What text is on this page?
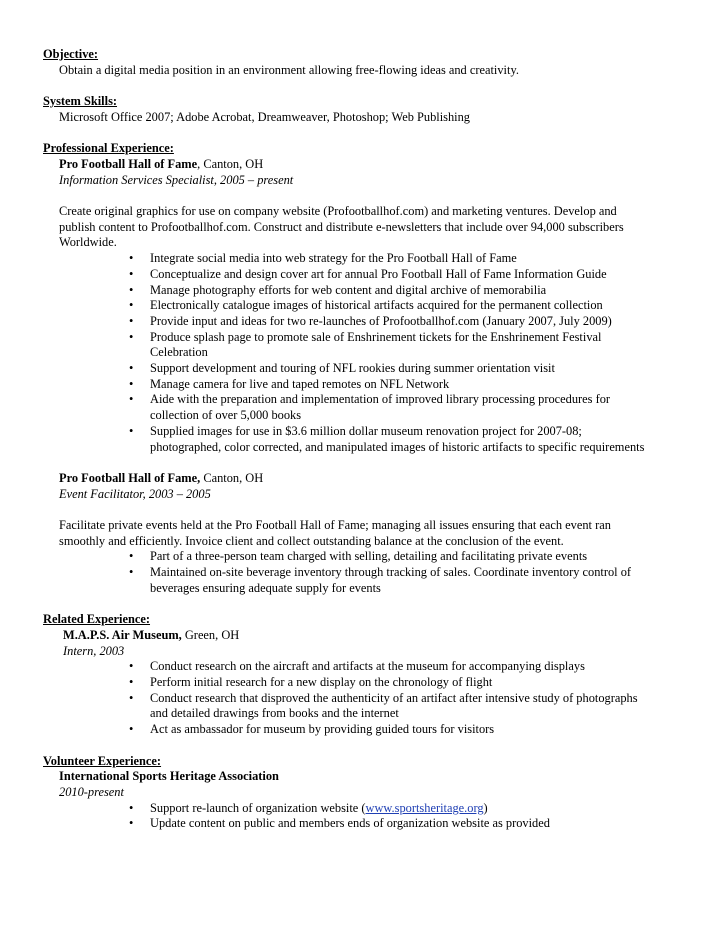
Objective:

Obtain a digital media position in an environment allowing free-flowing ideas and creativity.

System Skills:

Microsoft Office 2007; Adobe Acrobat, Dreamweaver, Photoshop; Web Publishing

Professional Experience:

Pro Football Hall of Fame, Canton, OH

Information Services Specialist, 2005 – present

Create original graphics for use on company website (Profootballhof.com) and marketing ventures. Develop and

publish content to Profootballhof.com. Construct and distribute e-newsletters that include over 94,000 subscribers

Worldwide.

• Integrate social media into web strategy for the Pro Football Hall of Fame
• Conceptualize and design cover art for annual Pro Football Hall of Fame Information Guide
• Manage photography efforts for web content and digital archive of memorabilia
• Electronically catalogue images of historical artifacts acquired for the permanent collection
• Provide input and ideas for two re-launches of Profootballhof.com (January 2007, July 2009)
• Produce splash page to promote sale of Enshrinement tickets for the Enshrinement Festival
Celebration
• Support development and touring of NFL rookies during summer orientation visit
• Manage camera for live and taped remotes on NFL Network
• Aide with the preparation and implementation of improved library processing procedures for
collection of over 5,000 books
• Supplied images for use in $3.6 million dollar museum renovation project for 2007-08;
photographed, color corrected, and manipulated images of historic artifacts to specific requirements

Pro Football Hall of Fame, Canton, OH

Event Facilitator, 2003 – 2005

Facilitate private events held at the Pro Football Hall of Fame; managing all issues ensuring that each event ran

smoothly and efficiently. Invoice client and collect outstanding balance at the conclusion of the event.

• Part of a three-person team charged with selling, detailing and facilitating private events
• Maintained on-site beverage inventory through tracking of sales. Coordinate inventory control of
beverages ensuring adequate supply for events

Related Experience:

M.A.P.S. Air Museum, Green, OH

Intern, 2003

• Conduct research on the aircraft and artifacts at the museum for accompanying displays
• Perform initial research for a new display on the chronology of flight
• Conduct research that disproved the authenticity of an artifact after intensive study of photographs
and detailed drawings from books and the internet
• Act as ambassador for museum by providing guided tours for visitors

Volunteer Experience:

International Sports Heritage Association

2010-present

• Support re-launch of organization website (www.sportsheritage.org)
• Update content on public and members ends of organization website as provided
